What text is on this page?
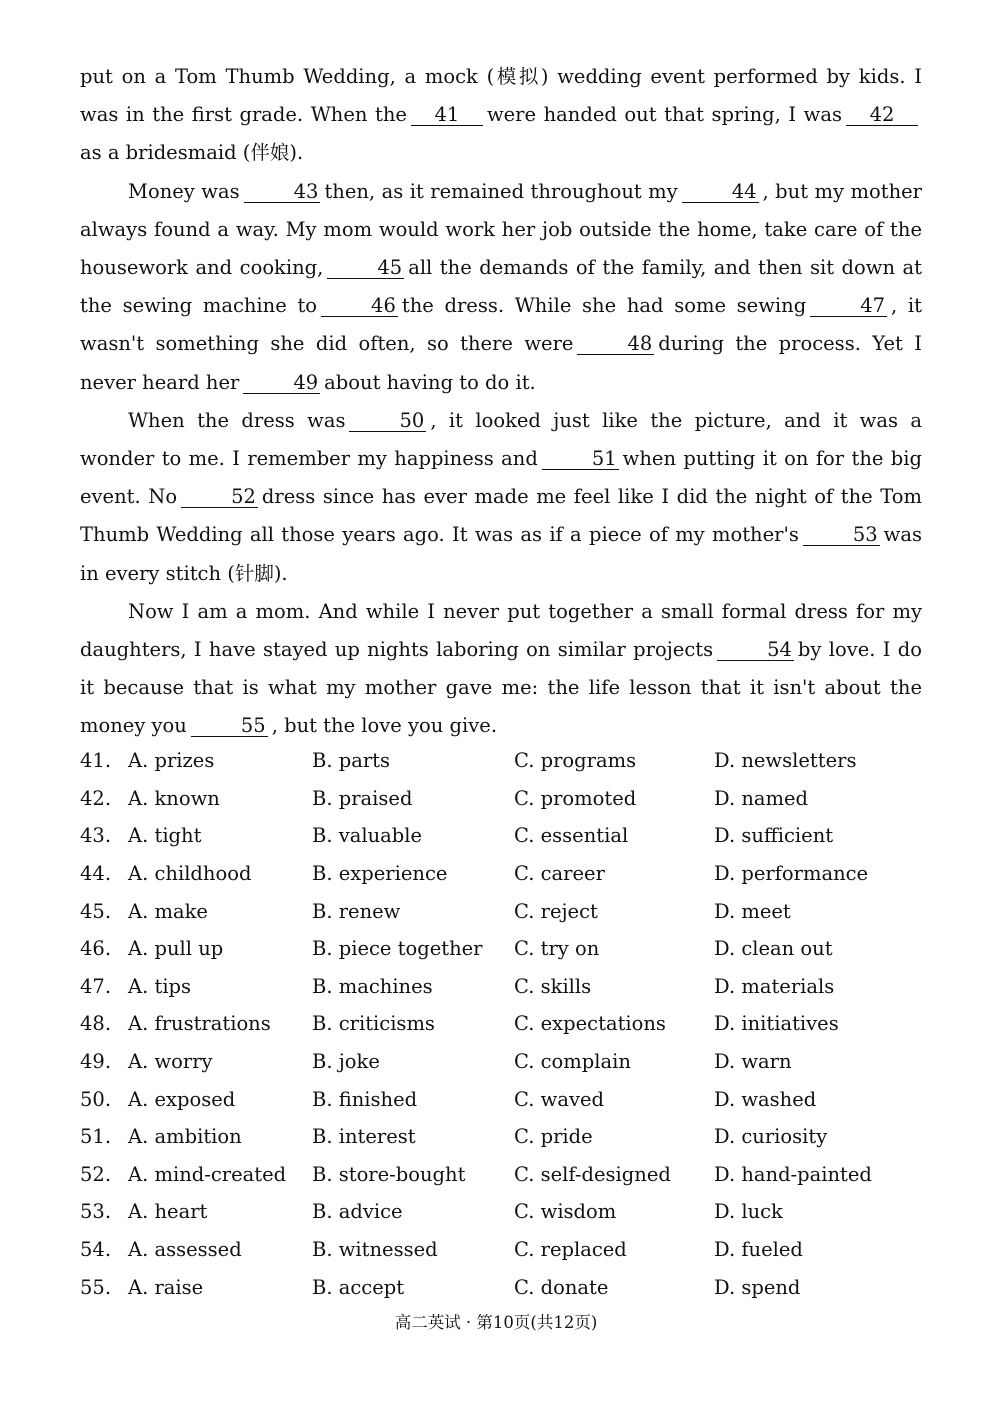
put on a Tom Thumb Wedding, a mock (模拟) wedding event performed by kids. I was in the first grade. When the 41 were handed out that spring, I was 42as a bridesmaid (伴娘).

Money was	43 then, as it remained throughout my	44 , but my mother always found a way. My mom would work her job outside the home, take care of the housework and cooking,	45 all the demands of the family, and then sit down at the sewing machine to	46 the dress. While she had some sewing	47 , it wasn't something she did often, so there were	48 during the process. Yet I never heard her	49 about having to do it.

When the dress was	50 , it looked just like the picture, and it was a wonder to me. I remember my happiness and	51 when putting it on for the big event. No	52 dress since has ever made me feel like I did the night of the Tom Thumb Wedding all those years ago. It was as if a piece of my mother's	53 was in every stitch (针脚).

Now I am a mom. And while I never put together a small formal dress for my daughters, I have stayed up nights laboring on similar projects	54 by love. I do it because that is what my mother gave me: the life lesson that it isn't about the money you	55 , but the love you give.

41. A. prizes	B. parts	C. programs	D. newsletters
42. A. known	B. praised	C. promoted	D. named
43. A. tight	B. valuable	C. essential	D. sufficient
44. A. childhood	B. experience	C. career	D. performance
45. A. make	B. renew	C. reject	D. meet
46. A. pull up	B. piece together	C. try on	D. clean out
47. A. tips	B. machines	C. skills	D. materials
48. A. frustrations	B. criticisms	C. expectations	D. initiatives
49. A. worry	B. joke	C. complain	D. warn
50. A. exposed	B. finished	C. waved	D. washed
51. A. ambition	B. interest	C. pride	D. curiosity
52. A. mind-created	B. store-bought	C. self-designed	D. hand-painted
53. A. heart	B. advice	C. wisdom	D. luck
54. A. assessed	B. witnessed	C. replaced	D. fueled
55. A. raise	B. accept	C. donate	D. spend
高二英试 · 第10页(共12页)
